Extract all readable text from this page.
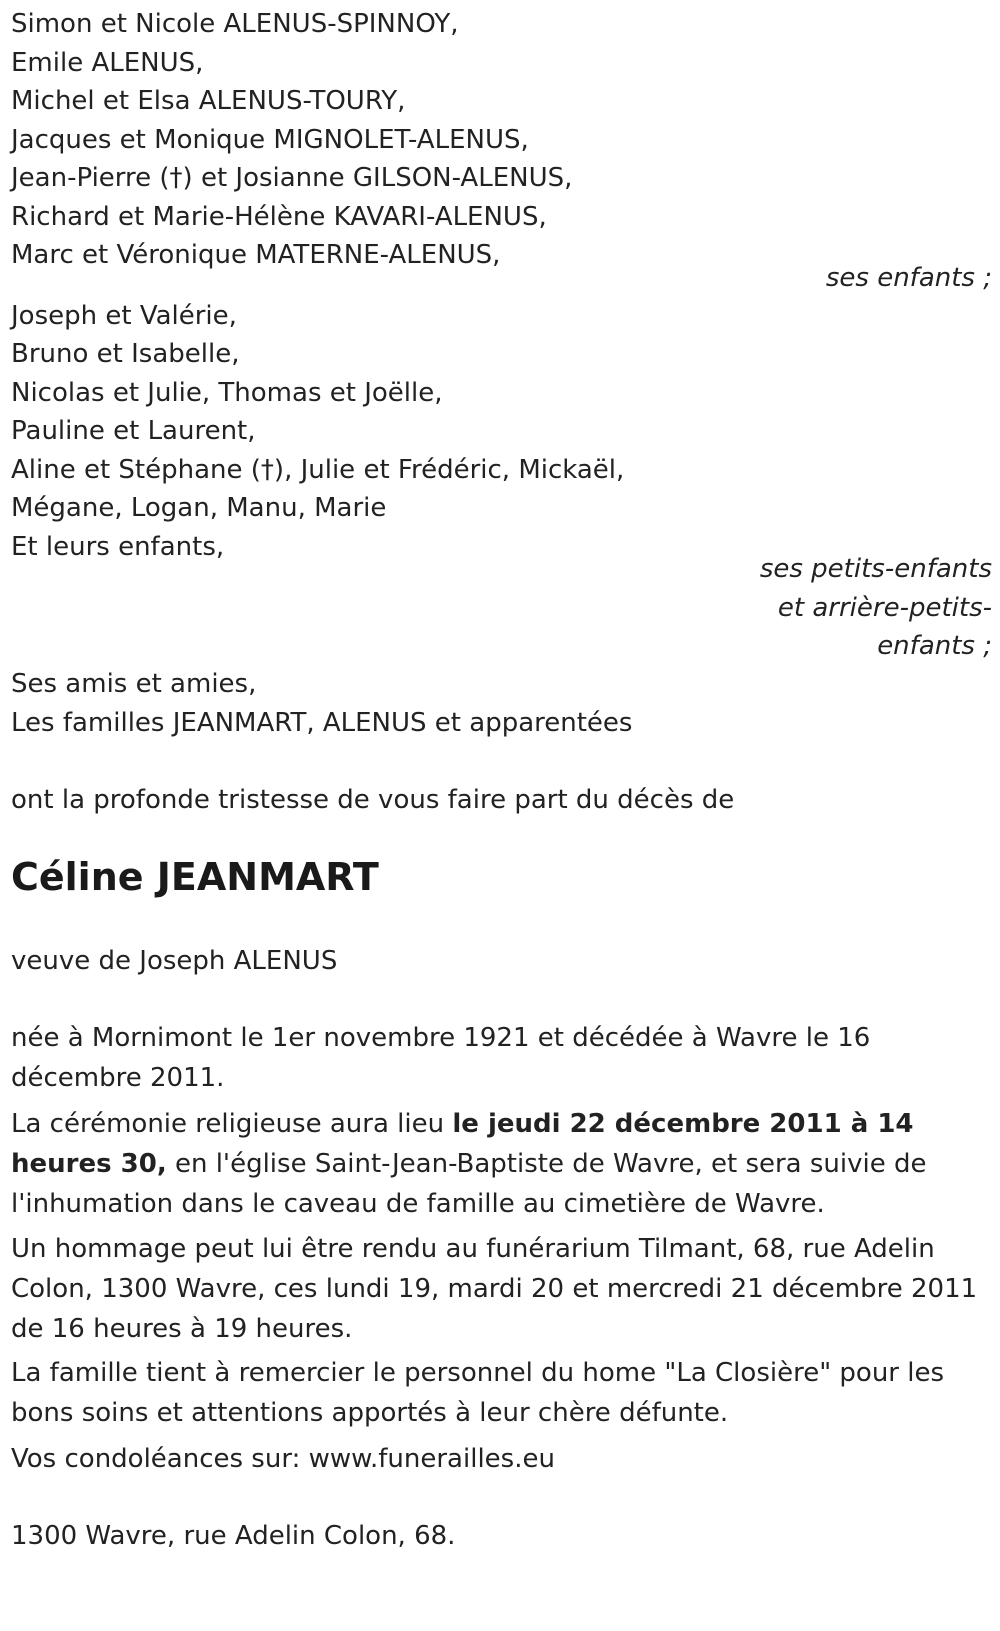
Simon et Nicole ALENUS-SPINNOY,
Emile ALENUS,
Michel et Elsa ALENUS-TOURY,
Jacques et Monique MIGNOLET-ALENUS,
Jean-Pierre (†) et Josianne GILSON-ALENUS,
Richard et Marie-Hélène KAVARI-ALENUS,
Marc et Véronique MATERNE-ALENUS,
ses enfants ;
Joseph et Valérie,
Bruno et Isabelle,
Nicolas et Julie, Thomas et Joëlle,
Pauline et Laurent,
Aline et Stéphane (†), Julie et Frédéric, Mickaël,
Mégane, Logan, Manu, Marie
Et leurs enfants,
ses petits-enfants
et arrière-petits-
enfants ;
Ses amis et amies,
Les familles JEANMART, ALENUS et apparentées
ont la profonde tristesse de vous faire part du décès de
Céline JEANMART
veuve de Joseph ALENUS
née à Mornimont le 1er novembre 1921 et décédée à Wavre le 16 décembre 2011.
La cérémonie religieuse aura lieu le jeudi 22 décembre 2011 à 14 heures 30, en l'église Saint-Jean-Baptiste de Wavre, et sera suivie de l'inhumation dans le caveau de famille au cimetière de Wavre.
Un hommage peut lui être rendu au funérarium Tilmant, 68, rue Adelin Colon, 1300 Wavre, ces lundi 19, mardi 20 et mercredi 21 décembre 2011 de 16 heures à 19 heures.
La famille tient à remercier le personnel du home "La Closière" pour les bons soins et attentions apportés à leur chère défunte.
Vos condoléances sur: www.funerailles.eu
1300 Wavre, rue Adelin Colon, 68.
